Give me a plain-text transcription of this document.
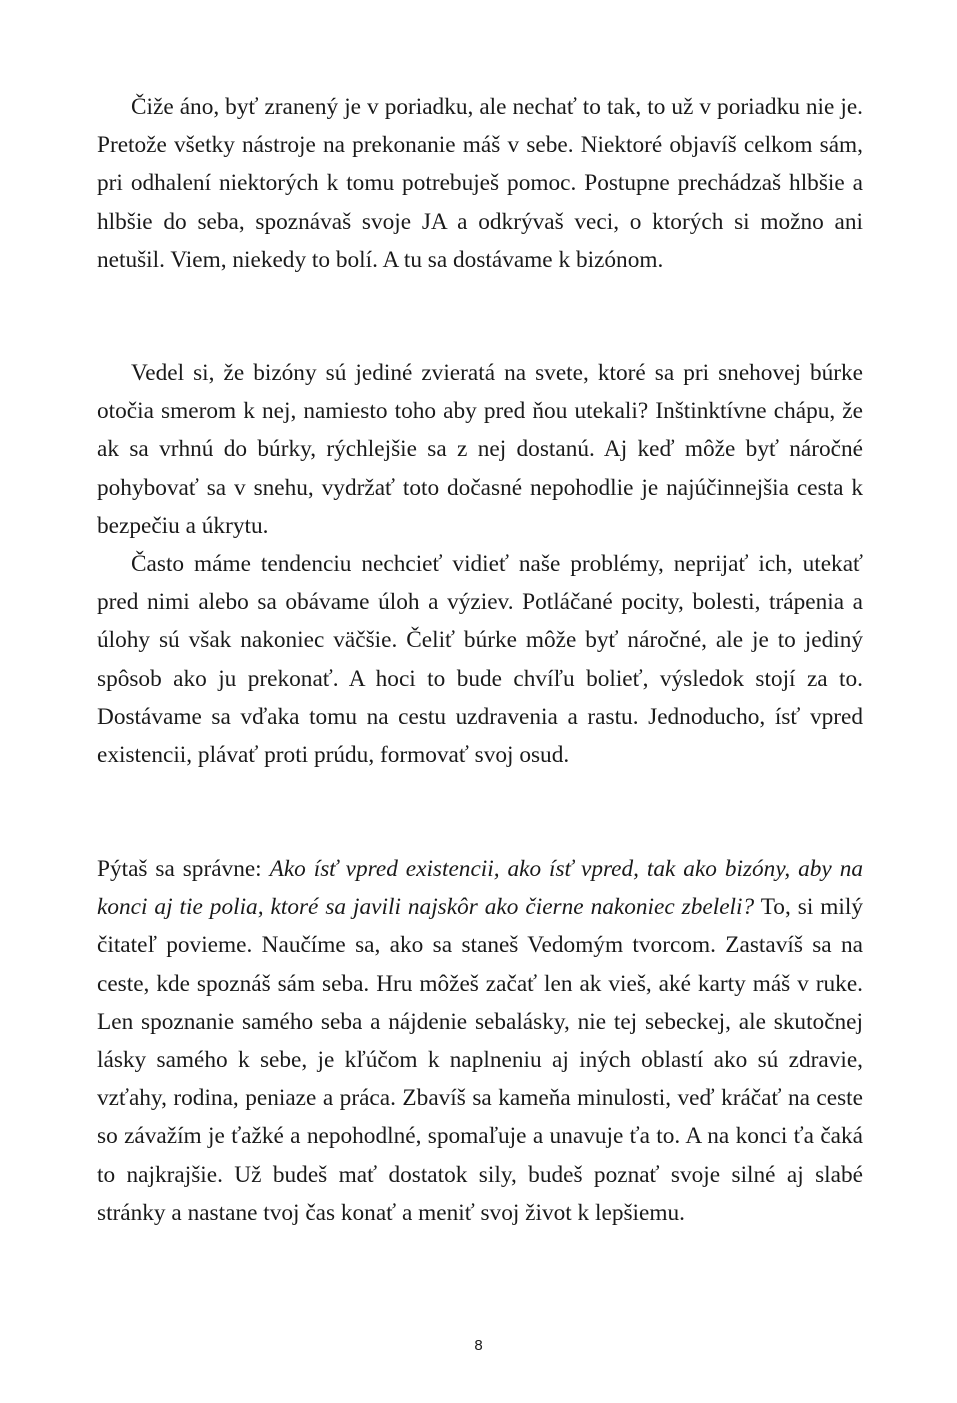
Čiže áno, byť zranený je v poriadku, ale nechať to tak, to už v poriadku nie je. Pretože všetky nástroje na prekonanie máš v sebe. Niektoré objavíš celkom sám, pri odhalení niektorých k tomu potrebuješ pomoc. Postupne prechádzaš hlbšie a hlbšie do seba, spoznávaš svoje JA a odkrývaš veci, o ktorých si možno ani netušil. Viem, niekedy to bolí. A tu sa dostávame k bizónom.

Vedel si, že bizóny sú jediné zvieratá na svete, ktoré sa pri snehovej búrke otočia smerom k nej, namiesto toho aby pred ňou utekali? Inštinktívne chápu, že ak sa vrhnú do búrky, rýchlejšie sa z nej dostanú. Aj keď môže byť náročné pohybovať sa v snehu, vydržať toto dočasné nepohodlie je najúčinnejšia cesta k bezpečiu a úkrytu.

Často máme tendenciu nechcieť vidieť naše problémy, neprijať ich, utekať pred nimi alebo sa obávame úloh a výziev. Potláčané pocity, bolesti, trápenia a úlohy sú však nakoniec väčšie. Čeliť búrke môže byť náročné, ale je to jediný spôsob ako ju prekonať. A hoci to bude chvíľu bolieť, výsledok stojí za to. Dostávame sa vďaka tomu na cestu uzdravenia a rastu. Jednoducho, ísť vpred existencii, plávať proti prúdu, formovať svoj osud.

Pýtaš sa správne: Ako ísť vpred existencii, ako ísť vpred, tak ako bizóny, aby na konci aj tie polia, ktoré sa javili najskôr ako čierne nakoniec zbeleli? To, si milý čitateľ povieme. Naučíme sa, ako sa staneš Vedomým tvorcom. Zastavíš sa na ceste, kde spoznáš sám seba. Hru môžeš začať len ak vieš, aké karty máš v ruke. Len spoznanie samého seba a nájdenie sebalásky, nie tej sebeckej, ale skutočnej lásky samého k sebe, je kľúčom k naplneniu aj iných oblastí ako sú zdravie, vzťahy, rodina, peniaze a práca. Zbavíš sa kameňa minulosti, veď kráčať na ceste so závažím je ťažké a nepohodlné, spomaľuje a unavuje ťa to. A na konci ťa čaká to najkrajšie. Už budeš mať dostatok sily, budeš poznať svoje silné aj slabé stránky a nastane tvoj čas konať a meniť svoj život k lepšiemu.

8
